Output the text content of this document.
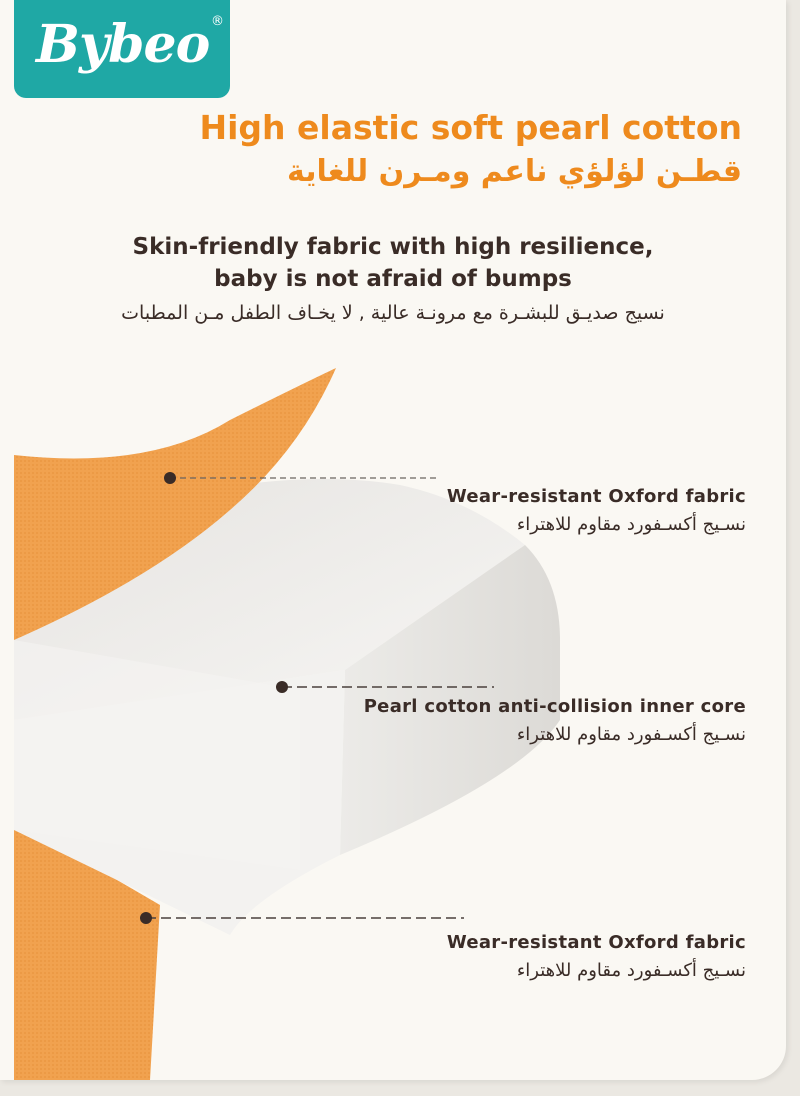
Bybeo ®
High elastic soft pearl cotton
قطـن لؤلؤي ناعم ومـرن للغاية
Skin-friendly fabric with high resilience,
baby is not afraid of bumps
نسيج صديـق للبشـرة مع مرونـة عالية , لا يخـاف الطفل مـن المطبات
Wear-resistant Oxford fabric
نسـيج أكسـفورد مقاوم للاهتراء
Pearl cotton anti-collision inner core
نسـيج أكسـفورد مقاوم للاهتراء
Wear-resistant Oxford fabric
نسـيج أكسـفورد مقاوم للاهتراء
